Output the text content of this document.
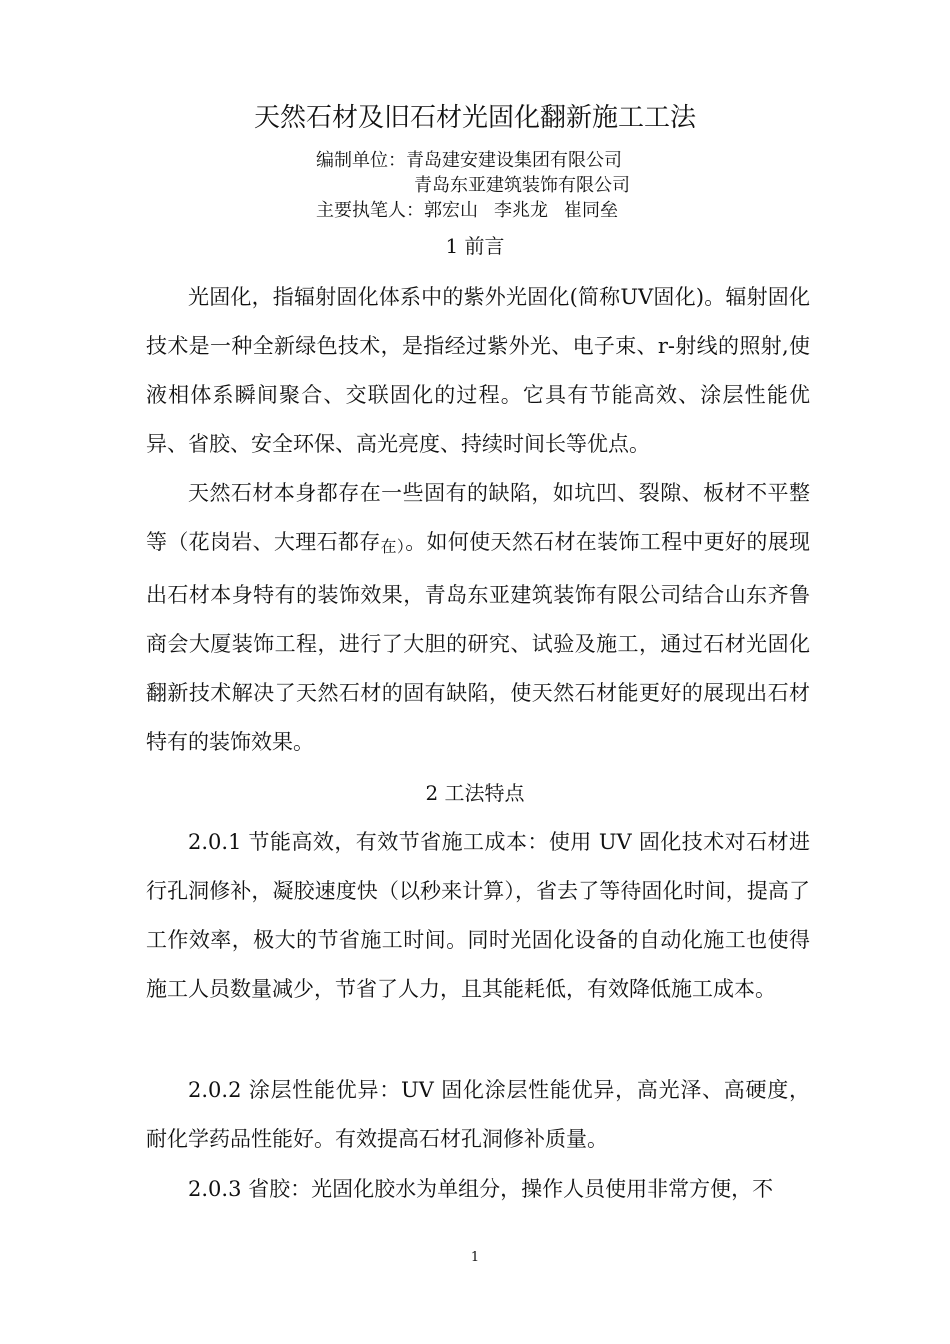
天然石材及旧石材光固化翻新施工工法
编制单位：青岛建安建设集团有限公司
青岛东亚建筑装饰有限公司
主要执笔人：郭宏山 李兆龙 崔同垒
1 前言

光固化，指辐射固化体系中的紫外光固化(简称UV固化)。辐射固化技术是一种全新绿色技术，是指经过紫外光、电子束、r-射线的照射,使液相体系瞬间聚合、交联固化的过程。它具有节能高效、涂层性能优异、省胶、安全环保、高光亮度、持续时间长等优点。

天然石材本身都存在一些固有的缺陷，如坑凹、裂隙、板材不平整等（花岗岩、大理石都存在）。如何使天然石材在装饰工程中更好的展现出石材本身特有的装饰效果，青岛东亚建筑装饰有限公司结合山东齐鲁商会大厦装饰工程，进行了大胆的研究、试验及施工，通过石材光固化翻新技术解决了天然石材的固有缺陷，使天然石材能更好的展现出石材特有的装饰效果。

2 工法特点

2.0.1 节能高效，有效节省施工成本：使用 UV 固化技术对石材进行孔洞修补，凝胶速度快（以秒来计算），省去了等待固化时间，提高了工作效率，极大的节省施工时间。同时光固化设备的自动化施工也使得施工人员数量减少，节省了人力，且其能耗低，有效降低施工成本。

2.0.2 涂层性能优异：UV 固化涂层性能优异，高光泽、高硬度，耐化学药品性能好。有效提高石材孔洞修补质量。

2.0.3 省胶：光固化胶水为单组分，操作人员使用非常方便，不

1
